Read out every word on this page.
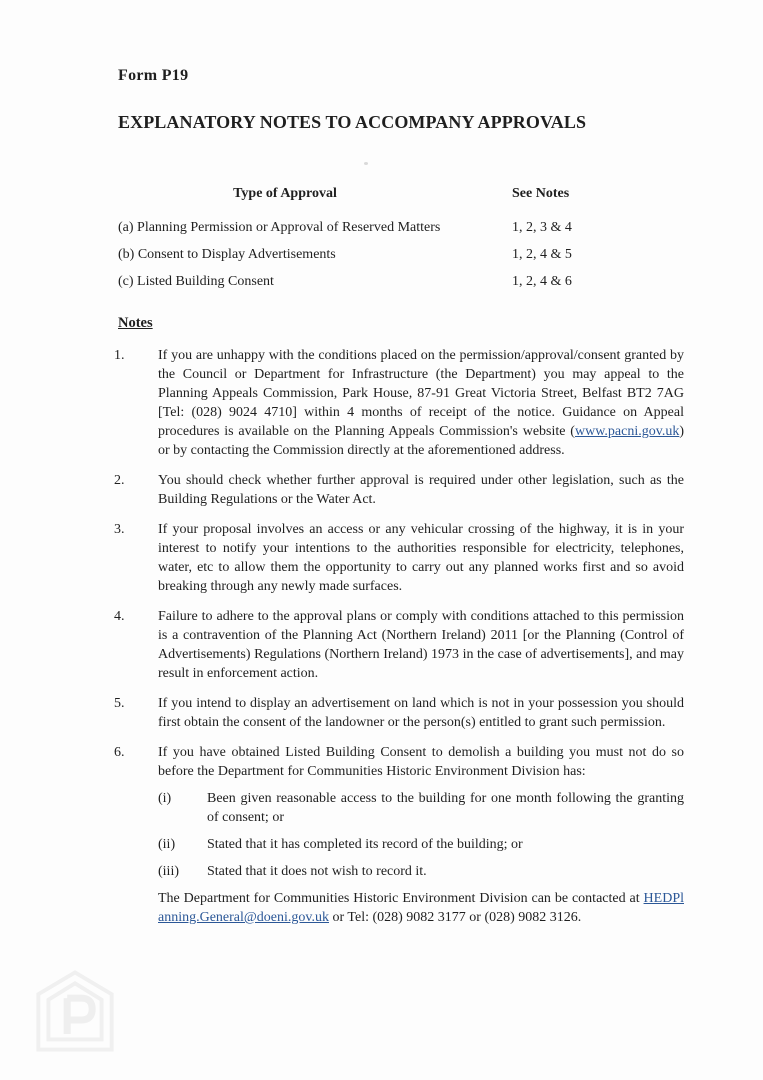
Form P19
EXPLANATORY NOTES TO ACCOMPANY APPROVALS
Type of Approval	See Notes
(a) Planning Permission or Approval of Reserved Matters	1, 2, 3 & 4
(b) Consent to Display Advertisements	1, 2, 4 & 5
(c) Listed Building Consent	1, 2, 4 & 6
Notes
1.	If you are unhappy with the conditions placed on the permission/approval/consent granted by the Council or Department for Infrastructure (the Department) you may appeal to the Planning Appeals Commission, Park House, 87-91 Great Victoria Street, Belfast BT2 7AG [Tel: (028) 9024 4710] within 4 months of receipt of the notice. Guidance on Appeal procedures is available on the Planning Appeals Commission's website (www.pacni.gov.uk) or by contacting the Commission directly at the aforementioned address.
2.	You should check whether further approval is required under other legislation, such as the Building Regulations or the Water Act.
3.	If your proposal involves an access or any vehicular crossing of the highway, it is in your interest to notify your intentions to the authorities responsible for electricity, telephones, water, etc to allow them the opportunity to carry out any planned works first and so avoid breaking through any newly made surfaces.
4.	Failure to adhere to the approval plans or comply with conditions attached to this permission is a contravention of the Planning Act (Northern Ireland) 2011 [or the Planning (Control of Advertisements) Regulations (Northern Ireland) 1973 in the case of advertisements], and may result in enforcement action.
5.	If you intend to display an advertisement on land which is not in your possession you should first obtain the consent of the landowner or the person(s) entitled to grant such permission.
6.	If you have obtained Listed Building Consent to demolish a building you must not do so before the Department for Communities Historic Environment Division has:
(i)	Been given reasonable access to the building for one month following the granting of consent; or
(ii)	Stated that it has completed its record of the building; or
(iii)	Stated that it does not wish to record it.
The Department for Communities Historic Environment Division can be contacted at HEDPlanning.General@doeni.gov.uk or Tel: (028) 9082 3177 or (028) 9082 3126.
